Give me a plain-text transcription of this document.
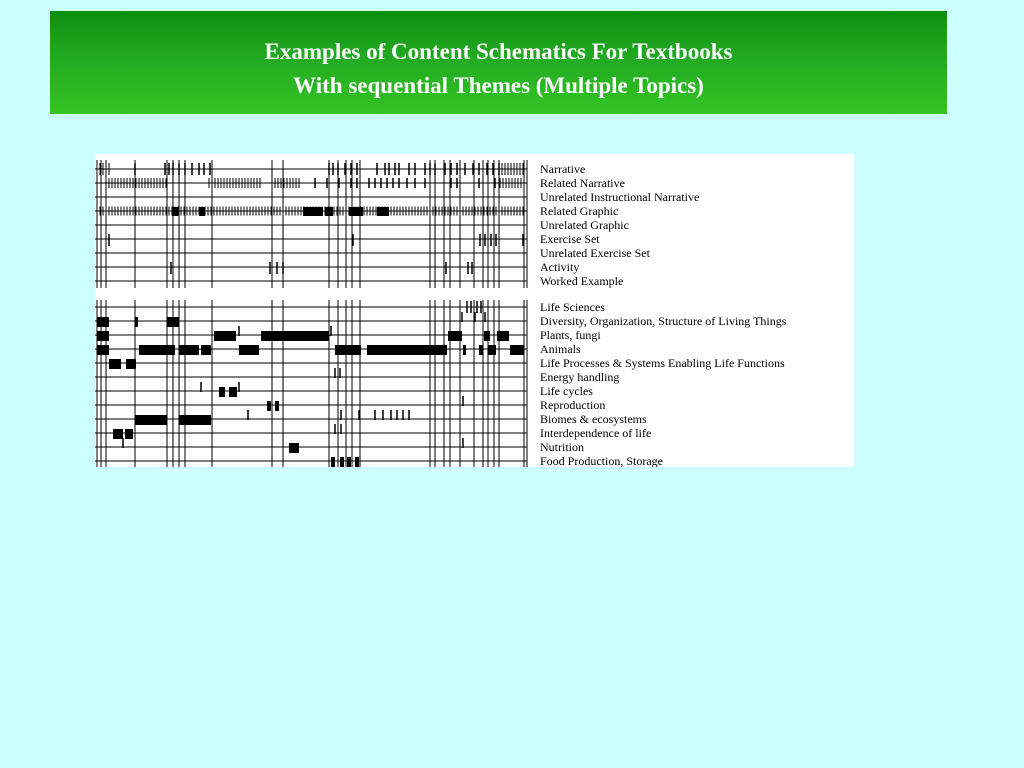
Examples of Content Schematics For Textbooks
With sequential Themes (Multiple Topics)
Narrative
Related Narrative
Unrelated Instructional Narrative
Related Graphic
Unrelated Graphic
Exercise Set
Unrelated Exercise Set
Activity
Worked Example
Life Sciences
Diversity, Organization, Structure of Living Things
Plants, fungi
Animals
Life Processes & Systems Enabling Life Functions
Energy handling
Life cycles
Reproduction
Biomes & ecosystems
Interdependence of life
Nutrition
Food Production, Storage
